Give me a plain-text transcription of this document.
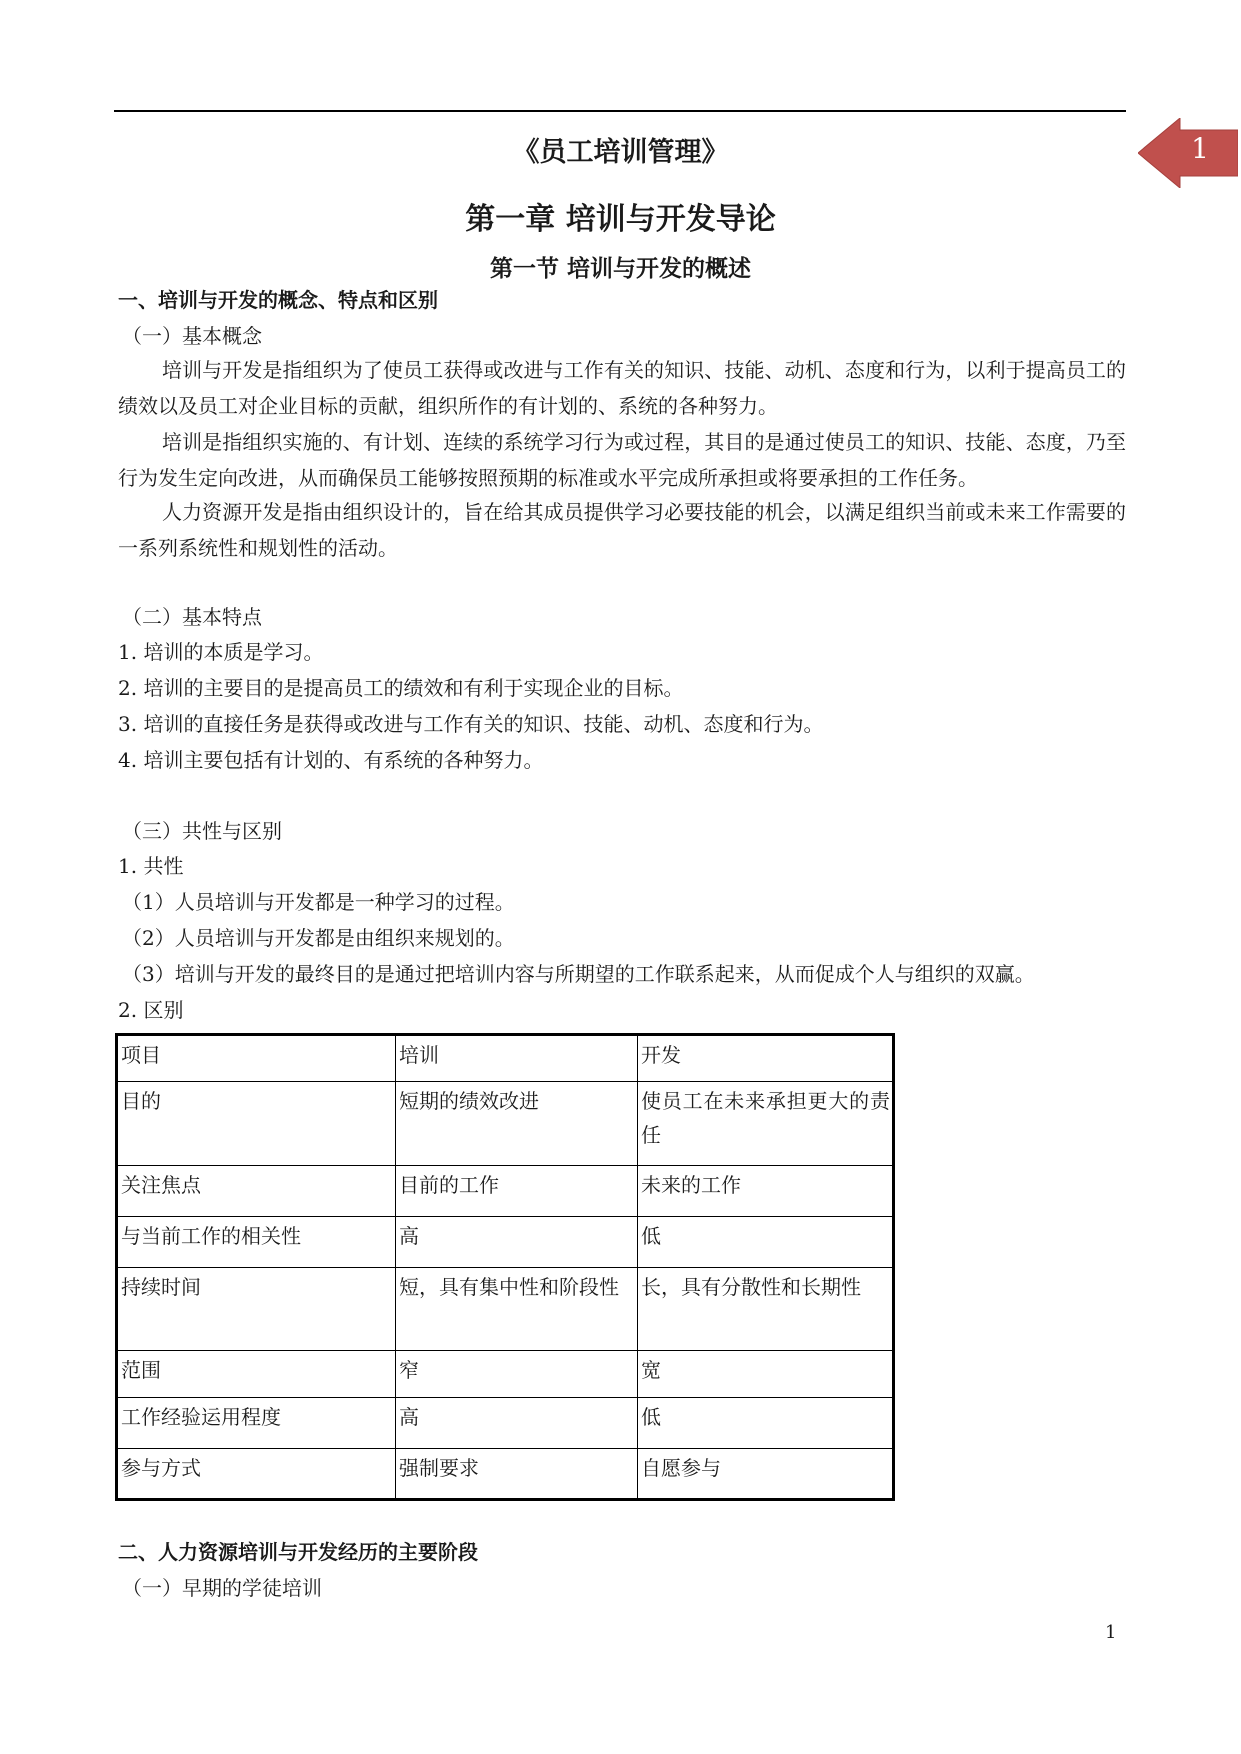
1
《员工培训管理》
第一章 培训与开发导论
第一节 培训与开发的概述
一、培训与开发的概念、特点和区别
（一）基本概念
培训与开发是指组织为了使员工获得或改进与工作有关的知识、技能、动机、态度和行为，以利于提高员工的绩效以及员工对企业目标的贡献，组织所作的有计划的、系统的各种努力。
培训是指组织实施的、有计划、连续的系统学习行为或过程，其目的是通过使员工的知识、技能、态度，乃至行为发生定向改进，从而确保员工能够按照预期的标准或水平完成所承担或将要承担的工作任务。
人力资源开发是指由组织设计的，旨在给其成员提供学习必要技能的机会，以满足组织当前或未来工作需要的一系列系统性和规划性的活动。
（二）基本特点
1. 培训的本质是学习。
2. 培训的主要目的是提高员工的绩效和有利于实现企业的目标。
3. 培训的直接任务是获得或改进与工作有关的知识、技能、动机、态度和行为。
4. 培训主要包括有计划的、有系统的各种努力。
（三）共性与区别
1. 共性
（1）人员培训与开发都是一种学习的过程。
（2）人员培训与开发都是由组织来规划的。
（3）培训与开发的最终目的是通过把培训内容与所期望的工作联系起来，从而促成个人与组织的双赢。
2. 区别
项目	培训	开发
目的	短期的绩效改进	使员工在未来承担更大的责任
关注焦点	目前的工作	未来的工作
与当前工作的相关性	高	低
持续时间	短，具有集中性和阶段性	长，具有分散性和长期性
范围	窄	宽
工作经验运用程度	高	低
参与方式	强制要求	自愿参与
二、人力资源培训与开发经历的主要阶段
（一）早期的学徒培训
1
